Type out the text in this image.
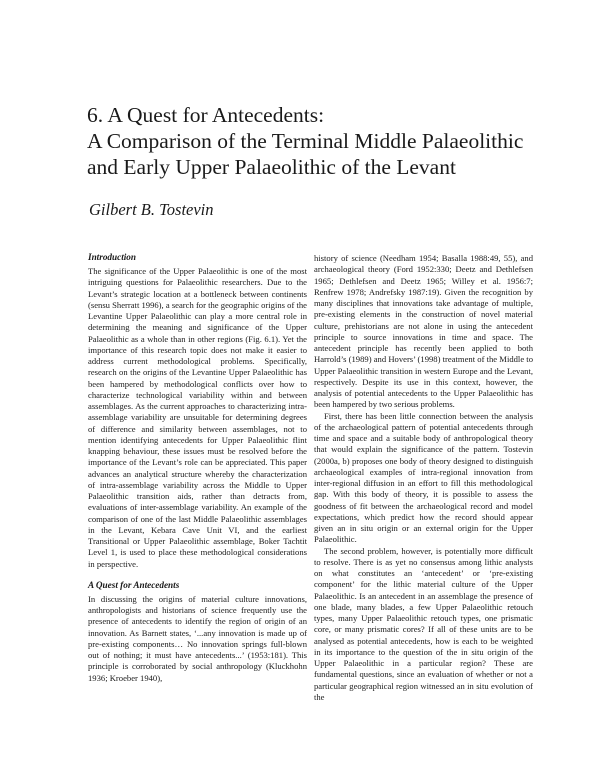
6. A Quest for Antecedents:
A Comparison of the Terminal Middle Palaeolithic
and Early Upper Palaeolithic of the Levant
Gilbert B. Tostevin
Introduction

The significance of the Upper Palaeolithic is one of the most intriguing questions for Palaeolithic researchers. Due to the Levant’s strategic location at a bottleneck between continents (sensu Sherratt 1996), a search for the geographic origins of the Levantine Upper Palaeolithic can play a more central role in determining the meaning and significance of the Upper Palaeolithic as a whole than in other regions (Fig. 6.1). Yet the importance of this research topic does not make it easier to address current methodological problems. Specifically, research on the origins of the Levantine Upper Palaeolithic has been hampered by methodological conflicts over how to characterize technological variability within and between assemblages. As the current approaches to characterizing intra-assemblage variability are unsuitable for determining degrees of difference and similarity between assemblages, not to mention identifying antecedents for Upper Palaeolithic flint knapping behaviour, these issues must be resolved before the importance of the Levant’s role can be appreciated. This paper advances an analytical structure whereby the characterization of intra-assemblage variability across the Middle to Upper Palaeolithic transition aids, rather than detracts from, evaluations of inter-assemblage variability. An example of the comparison of one of the last Middle Palaeolithic assemblages in the Levant, Kebara Cave Unit VI, and the earliest Transitional or Upper Palaeolithic assemblage, Boker Tachtit Level 1, is used to place these methodological considerations in perspective.

A Quest for Antecedents

In discussing the origins of material culture innovations, anthropologists and historians of science frequently use the presence of antecedents to identify the region of origin of an innovation. As Barnett states, ‘...any innovation is made up of pre-existing components… No innovation springs full-blown out of nothing; it must have antecedents...’ (1953:181). This principle is corroborated by social anthropology (Kluckhohn 1936; Kroeber 1940),

history of science (Needham 1954; Basalla 1988:49, 55), and archaeological theory (Ford 1952:330; Deetz and Dethlefsen 1965; Dethlefsen and Deetz 1965; Willey et al. 1956:7; Renfrew 1978; Andrefsky 1987:19). Given the recognition by many disciplines that innovations take advantage of multiple, pre-existing elements in the construction of novel material culture, prehistorians are not alone in using the antecedent principle to source innovations in time and space. The antecedent principle has recently been applied to both Harrold’s (1989) and Hovers’ (1998) treatment of the Middle to Upper Palaeolithic transition in western Europe and the Levant, respectively. Despite its use in this context, however, the analysis of potential antecedents to the Upper Palaeolithic has been hampered by two serious problems.

First, there has been little connection between the analysis of the archaeological pattern of potential antecedents through time and space and a suitable body of anthropological theory that would explain the significance of the pattern. Tostevin (2000a, b) proposes one body of theory designed to distinguish archaeological examples of intra-regional innovation from inter-regional diffusion in an effort to fill this methodological gap. With this body of theory, it is possible to assess the goodness of fit between the archaeological record and model expectations, which predict how the record should appear given an in situ origin or an external origin for the Upper Palaeolithic.

The second problem, however, is potentially more difficult to resolve. There is as yet no consensus among lithic analysts on what constitutes an ‘antecedent’ or ‘pre-existing component’ for the lithic material culture of the Upper Palaeolithic. Is an antecedent in an assemblage the presence of one blade, many blades, a few Upper Palaeolithic retouch types, many Upper Palaeolithic retouch types, one prismatic core, or many prismatic cores? If all of these units are to be analysed as potential antecedents, how is each to be weighted in its importance to the question of the in situ origin of the Upper Palaeolithic in a particular region? These are fundamental questions, since an evaluation of whether or not a particular geographical region witnessed an in situ evolution of the
